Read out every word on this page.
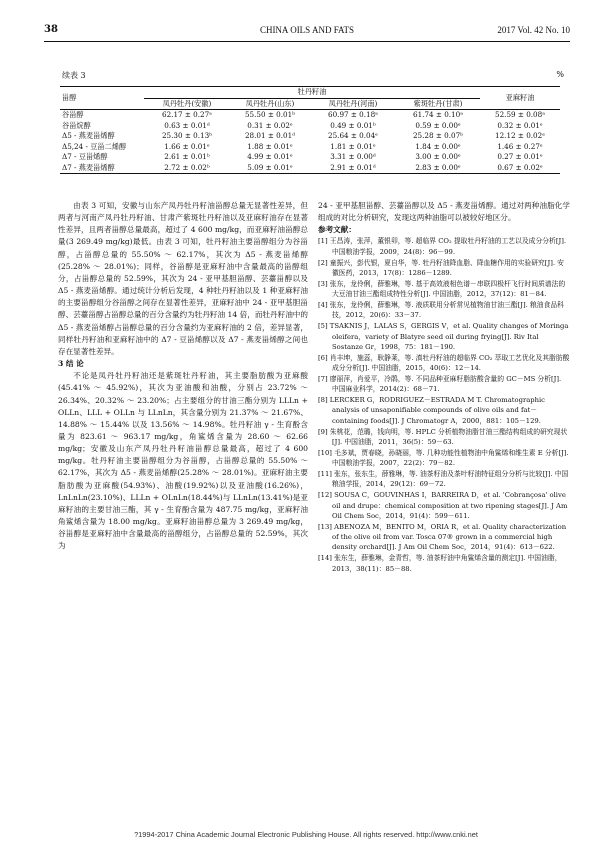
38	CHINA OILS AND FATS	2017 Vol. 42 No. 10
续表 3	%
甾醇	牡丹籽油				亚麻籽油
	凤丹牡丹(安徽)	凤丹牡丹(山东)	凤丹牡丹(河南)	紫斑牡丹(甘肃)	
谷甾醇	62.17 ± 0.27ᵃ	55.50 ± 0.01ᵇ	60.97 ± 0.18ᵃ	61.74 ± 0.10ᵃ	52.59 ± 0.08ᵃ
谷甾烷醇	0.63 ± 0.01ᵈ	0.31 ± 0.02ᵉ	0.49 ± 0.01ᵇ	0.59 ± 0.00ᵉ	0.32 ± 0.01ᵉ
Δ5 - 燕麦甾烯醇	25.30 ± 0.13ᵇ	28.01 ± 0.01ᵈ	25.64 ± 0.04ᵉ	25.28 ± 0.07ᵇ	12.12 ± 0.02ᵉ
Δ5,24 - 豆甾二烯醇	1.66 ± 0.01ᵉ	1.88 ± 0.01ᵉ	1.81 ± 0.01ᵉ	1.84 ± 0.00ᵉ	1.46 ± 0.27ᵉ
Δ7 - 豆甾烯醇	2.61 ± 0.01ᵇ	4.99 ± 0.01ᵉ	3.31 ± 0.00ᵈ	3.00 ± 0.00ᵉ	0.27 ± 0.01ᵉ
Δ7 - 燕麦甾烯醇	2.72 ± 0.02ᵇ	5.09 ± 0.01ᵉ	2.91 ± 0.01ᵈ	2.83 ± 0.00ᵉ	0.67 ± 0.02ᵉ

由表 3 可知，安徽与山东产凤丹牡丹籽油甾醇总量无显著性差异，但两者与河南产凤丹牡丹籽油、甘肃产紫斑牡丹籽油以及亚麻籽油存在显著性差异，且两者甾醇总量最高，超过了 4 600 mg/kg，而亚麻籽油甾醇总量(3 269.49 mg/kg)最低。由表 3 可知，牡丹籽油主要甾醇组分为谷甾醇，占甾醇总量的 55.50% ～ 62.17%，其次为 Δ5 - 燕麦甾烯醇(25.28% ～ 28.01%)；同样，谷甾醇是亚麻籽油中含量最高的甾醇组分，占甾醇总量的 52.59%，其次为 24 - 亚甲基胆甾醇、芸薹甾醇以及 Δ5 - 燕麦甾烯醇。通过统计分析后发现，4 种牡丹籽油以及 1 种亚麻籽油的主要甾醇组分谷甾醇之间存在显著性差异，亚麻籽油中 24 - 亚甲基胆甾醇、芸薹甾醇占甾醇总量的百分含量约为牡丹籽油 14 倍，而牡丹籽油中的 Δ5 - 燕麦甾烯醇占甾醇总量的百分含量约为亚麻籽油的 2 倍，差异显著，同样牡丹籽油和亚麻籽油中的 Δ7 - 豆甾烯醇以及 Δ7 - 燕麦甾烯醇之间也存在显著性差异。

3 结 论

不论是凤丹牡丹籽油还是紫斑牡丹籽油，其主要脂肪酸为亚麻酸(45.41% ～ 45.92%)，其次为亚油酸和油酸，分别占 23.72% ～ 26.34%、20.32% ～ 23.20%；占主要组分的甘油三酯分别为 LLLn + OLLn、LLL + OLLn 与 LLnLn，其含量分别为 21.37% ～ 21.67%、14.88% ～ 15.44% 以及 13.56% ～ 14.98%。牡丹籽油 γ - 生育酚含量为 823.61 ～ 963.17 mg/kg，角鲨烯含量为 28.60 ～ 62.66 mg/kg；安徽及山东产凤丹牡丹籽油甾醇总量最高，超过了 4 600 mg/kg。牡丹籽油主要甾醇组分为谷甾醇，占甾醇总量的 55.50% ～ 62.17%，其次为 Δ5 - 燕麦甾烯醇(25.28% ～ 28.01%)。亚麻籽油主要脂肪酸为亚麻酸(54.93%)、油酸(19.92%)以及亚油酸(16.26%)，LnLnLn(23.10%)、LLLn + OLnLn(18.44%)与 LLnLn(13.41%)是亚麻籽油的主要甘油三酯，其 γ - 生育酚含量为 487.75 mg/kg，亚麻籽油角鲨烯含量为 18.00 mg/kg。亚麻籽油甾醇总量为 3 269.49 mg/kg，谷甾醇是亚麻籽油中含量最高的甾醇组分，占甾醇总量的 52.59%，其次为

24 - 亚甲基胆甾醇、芸薹甾醇以及 Δ5 - 燕麦甾烯醇。通过对两种油脂化学组成的对比分析研究，发现这两种油脂可以被较好地区分。

参考文献：

[1] 王昌涛，张萍，董银卯，等. 超临界 CO₂ 提取牡丹籽油的工艺以及成分分析[J]. 中国粮油学报，2009，24(8)：96－99.
[2] 童振兴，彭代银，夏自华，等. 牡丹籽油降血脂、降血糖作用的实验研究[J]. 安徽医药，2013，17(8)：1286－1289.
[3] 张东，龙伶俐，薛雅琳，等. 基于高效液相色谱－串联四极杆飞行时间质谱法的大豆油甘油三酯组成特性分析[J]. 中国油脂，2012，37(12)：81－84.
[4] 张东，龙伶俐，薛雅琳，等. 液质联用分析常见植物油甘油三酯[J]. 粮油食品科技，2012，20(6)：33－37.
[5] TSAKNIS J，LALAS S，GERGIS V，et al. Quality changes of Moringa oleifera，variety of Blatyre seed oil during frying[J]. Riv Ital Sostanze Gr，1998，75：181－190.
[6] 肖丰坤，施蕊，耿静莱，等. 滇牡丹籽油的超临界 CO₂ 萃取工艺优化及其脂肪酸成分分析[J]. 中国油脂，2015，40(6)：12－14.
[7] 廖丽萍，肖爱平，冷鹃，等. 不同品种亚麻籽脂肪酸含量的 GC－MS 分析[J]. 中国麻业科学，2014(2)：68－71.
[8] LERCKER G，RODRIGUEZ－ESTRADA M T. Chromatographic analysis of unsaponifiable compounds of olive oils and fat－containing foods[J]. J Chromatogr A，2000，881：105－129.
[9] 朱桃花，范璐，钱向明，等. HPLC 分析植物油脂甘油三酯结构组成的研究现状[J]. 中国油脂，2011，36(5)：59－63.
[10] 毛多斌，贾春晓，孙晓丽，等. 几种功能性植物油中角鲨烯和维生素 E 分析[J]. 中国粮油学报，2007，22(2)：79－82.
[11] 张东，张东生，薛雅琳，等. 油茶籽油及茶叶籽油特征组分分析与比较[J]. 中国粮油学报，2014，29(12)：69－72.
[12] SOUSA C，GOUVINHAS I，BARREIRA D，et al. 'Cobrançosa' olive oil and drupe：chemical composition at two ripening stages[J]. J Am Oil Chem Soc，2014，91(4)：599－611.
[13] ABENOZA M，BENITO M，ORIA R，et al. Quality characterization of the olive oil from var. Tosca 07® grown in a commercial high density orchard[J]. J Am Oil Chem Soc，2014，91(4)：613－622.
[14] 张东生，薛雅琳，金青哲，等. 油茶籽油中角鲨烯含量的测定[J]. 中国油脂，2013，38(11)：85－88.
?1994-2017 China Academic Journal Electronic Publishing House. All rights reserved. http://www.cnki.net
